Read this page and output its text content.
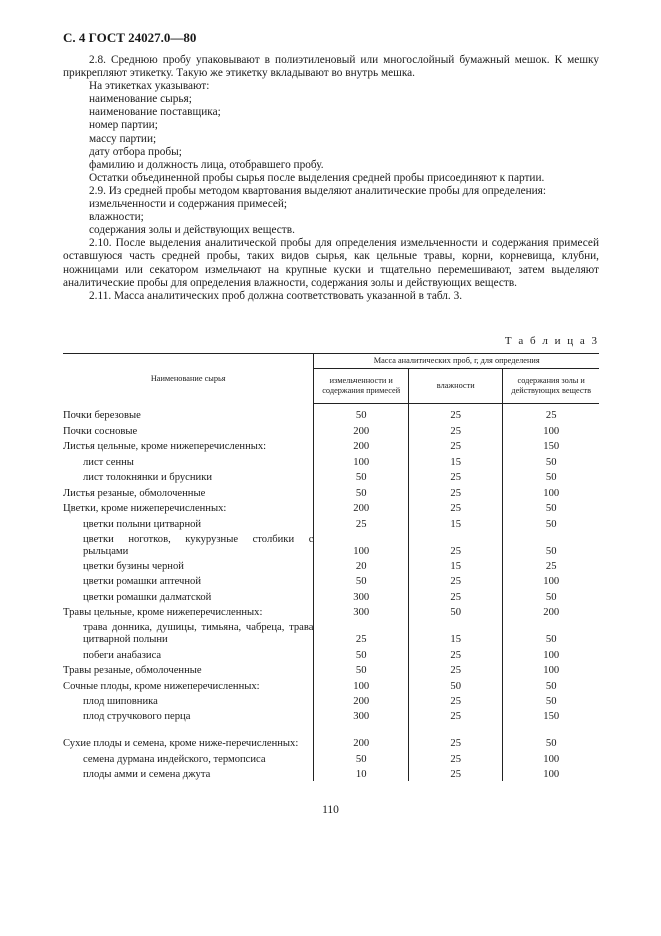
С. 4 ГОСТ 24027.0—80

2.8. Среднюю пробу упаковывают в полиэтиленовый или многослойный бумажный мешок. К мешку прикрепляют этикетку. Такую же этикетку вкладывают во внутрь мешка.

На этикетках указывают:

наименование сырья;

наименование поставщика;

номер партии;

массу партии;

дату отбора пробы;

фамилию и должность лица, отобравшего пробу.

Остатки объединенной пробы сырья после выделения средней пробы присоединяют к партии.

2.9. Из средней пробы методом квартования выделяют аналитические пробы для определения:

измельченности и содержания примесей;

влажности;

содержания золы и действующих веществ.

2.10. После выделения аналитической пробы для определения измельченности и содержания примесей оставшуюся часть средней пробы, таких видов сырья, как цельные травы, корни, корневища, клубни, ножницами или секатором измельчают на крупные куски и тщательно перемешивают, затем выделяют аналитические пробы для определения влажности, содержания золы и действующих веществ.

2.11. Масса аналитических проб должна соответствовать указанной в табл. 3.

Т а б л и ц а 3
Наименование сырья	Масса аналитических проб, г, для определения		
	измельченности и содержания примесей	влажности	содержания золы и действующих веществ
Почки березовые	50	25	25
Почки сосновые	200	25	100
Листья цельные, кроме нижеперечисленных:	200	25	150
лист сенны	100	15	50
лист толокнянки и брусники	50	25	50
Листья резаные, обмолоченные	50	25	100
Цветки, кроме нижеперечисленных:	200	25	50
цветки полыни цитварной	25	15	50
цветки ноготков, кукурузные столбики с рыльцами	100	25	50
цветки бузины черной	20	15	25
цветки ромашки аптечной	50	25	100
цветки ромашки далматской	300	25	50
Травы цельные, кроме нижеперечисленных:	300	50	200
трава донника, душицы, тимьяна, чабреца, трава цитварной полыни	25	15	50
побеги анабазиса	50	25	100
Травы резаные, обмолоченные	50	25	100
Сочные плоды, кроме нижеперечисленных:	100	50	50
плод шиповника	200	25	50
плод стручкового перца	300	25	150
Сухие плоды и семена, кроме ниже-перечисленных:	200	25	50
семена дурмана индейского, термопсиса	50	25	100
плоды амми и семена джута	10	25	100
110
